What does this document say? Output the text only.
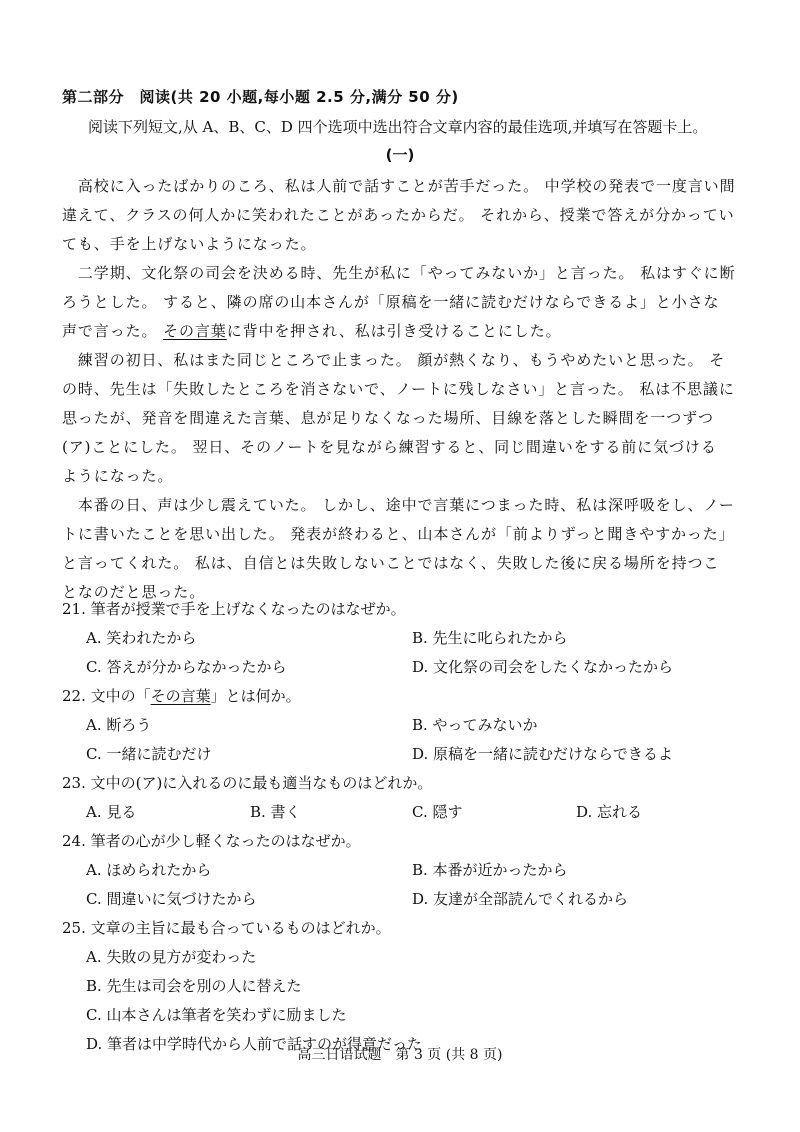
第二部分　阅读(共 20 小题,每小题 2.5 分,满分 50 分)
阅读下列短文,从 A、B、C、D 四个选项中选出符合文章内容的最佳选项,并填写在答题卡上。
(一)
　高校に入ったばかりのころ、私は人前で話すことが苦手だった。 中学校の発表で一度言い間
違えて、クラスの何人かに笑われたことがあったからだ。 それから、授業で答えが分かってい
ても、手を上げないようになった。
　二学期、文化祭の司会を決める時、先生が私に「やってみないか」と言った。 私はすぐに断
ろうとした。 すると、隣の席の山本さんが「原稿を一緒に読むだけならできるよ」と小さな
声で言った。 その言葉に背中を押され、私は引き受けることにした。
　練習の初日、私はまた同じところで止まった。 顔が熱くなり、もうやめたいと思った。 そ
の時、先生は「失敗したところを消さないで、ノートに残しなさい」と言った。 私は不思議に
思ったが、発音を間違えた言葉、息が足りなくなった場所、目線を落とした瞬間を一つずつ
(ア)ことにした。 翌日、そのノートを見ながら練習すると、同じ間違いをする前に気づける
ようになった。
　本番の日、声は少し震えていた。 しかし、途中で言葉につまった時、私は深呼吸をし、ノー
トに書いたことを思い出した。 発表が終わると、山本さんが「前よりずっと聞きやすかった」
と言ってくれた。 私は、自信とは失敗しないことではなく、失敗した後に戻る場所を持つこ
となのだと思った。
21. 筆者が授業で手を上げなくなったのはなぜか。
A. 笑われたから	B. 先生に叱られたから
C. 答えが分からなかったから	D. 文化祭の司会をしたくなかったから
22. 文中の「その言葉」とは何か。
A. 断ろう	B. やってみないか
C. 一緒に読むだけ	D. 原稿を一緒に読むだけならできるよ
23. 文中の(ア)に入れるのに最も適当なものはどれか。
A. 見る	B. 書く	C. 隠す	D. 忘れる
24. 筆者の心が少し軽くなったのはなぜか。
A. ほめられたから	B. 本番が近かったから
C. 間違いに気づけたから	D. 友達が全部読んでくれるから
25. 文章の主旨に最も合っているものはどれか。
A. 失敗の見方が変わった
B. 先生は司会を別の人に替えた
C. 山本さんは筆者を笑わずに励ました
D. 筆者は中学時代から人前で話すのが得意だった
高三日语试题　第 3 页 (共 8 页)
